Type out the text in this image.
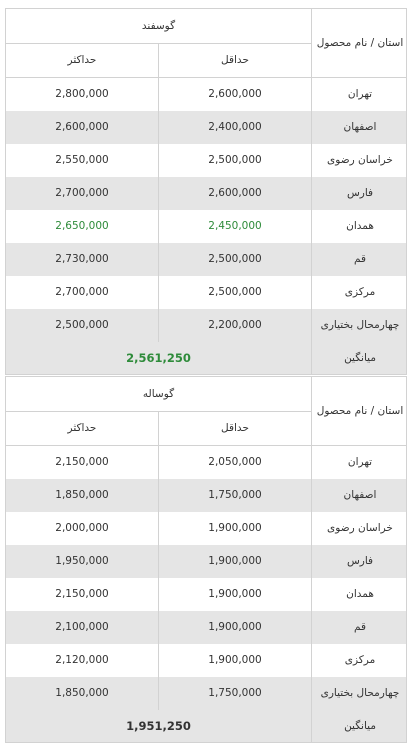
گوسفند
حداکثر	حداقل
استان / نام محصول
2,800,000	2,600,000	تهران
2,600,000	2,400,000	اصفهان
2,550,000	2,500,000	خراسان رضوی
2,700,000	2,600,000	فارس
2,650,000	2,450,000	همدان
2,730,000	2,500,000	قم
2,700,000	2,500,000	مرکزی
2,500,000	2,200,000	چهارمحال بختیاری
2,561,250	میانگین
گوساله
حداکثر	حداقل
استان / نام محصول
2,150,000	2,050,000	تهران
1,850,000	1,750,000	اصفهان
2,000,000	1,900,000	خراسان رضوی
1,950,000	1,900,000	فارس
2,150,000	1,900,000	همدان
2,100,000	1,900,000	قم
2,120,000	1,900,000	مرکزی
1,850,000	1,750,000	چهارمحال بختیاری
1,951,250	میانگین
